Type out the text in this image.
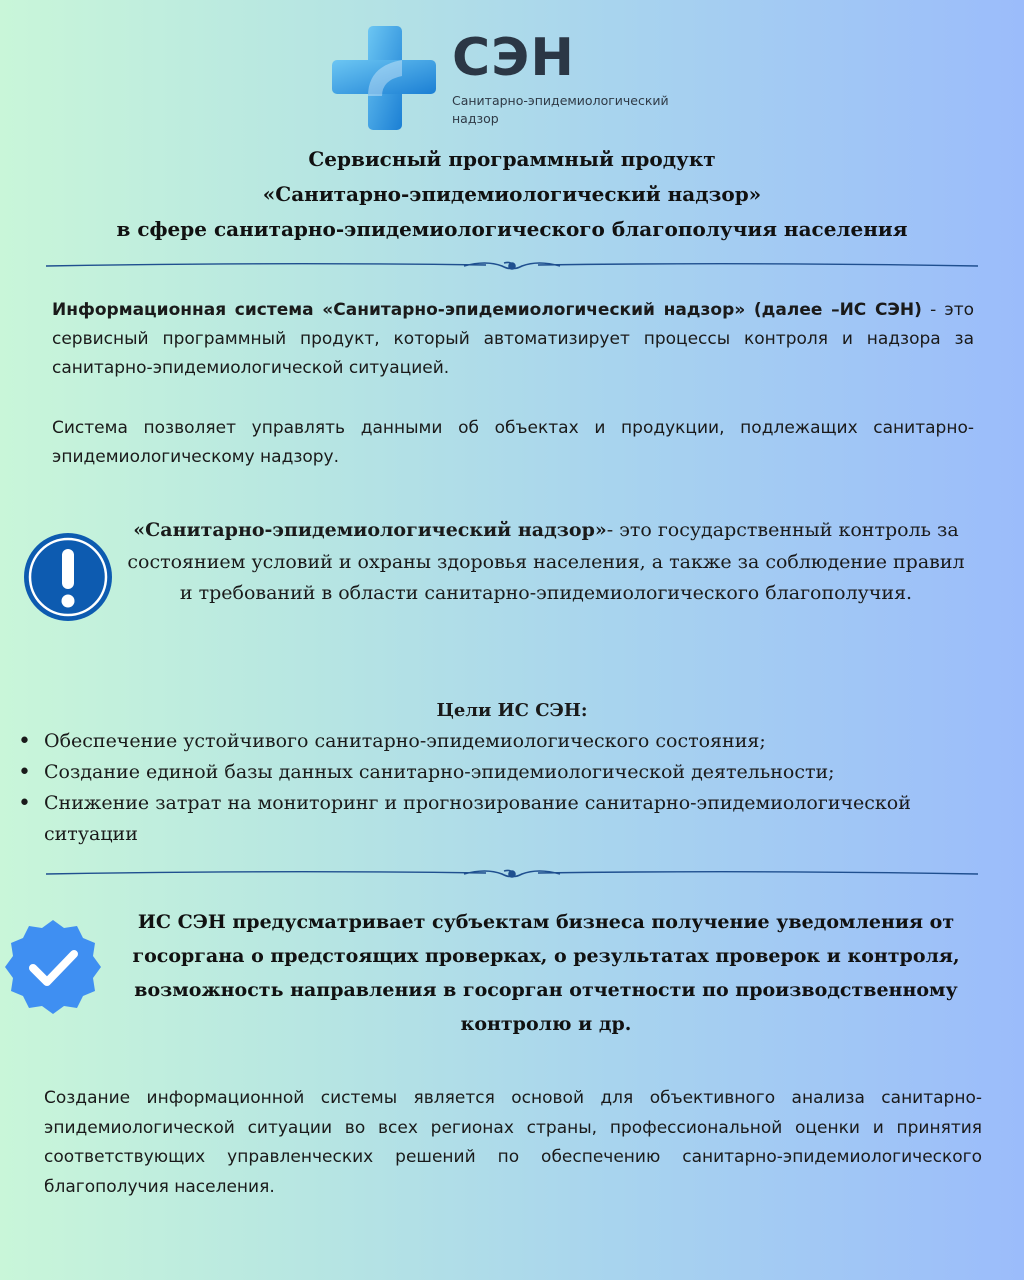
СЭН
Санитарно-эпидемиологический надзор
Сервисный программный продукт
«Санитарно-эпидемиологический надзор»
в сфере санитарно-эпидемиологического благополучия населения

Информационная система «Санитарно-эпидемиологический надзор» (далее –ИС СЭН) - это сервисный программный продукт, который автоматизирует процессы контроля и надзора за санитарно-эпидемиологической ситуацией.

Система позволяет управлять данными об объектах и продукции, подлежащих санитарно-эпидемиологическому надзору.

«Санитарно-эпидемиологический надзор»- это государственный контроль за состоянием условий и охраны здоровья населения, а также за соблюдение правил и требований в области санитарно-эпидемиологического благополучия.

Цели ИС СЭН:
• Обеспечение устойчивого санитарно-эпидемиологического состояния;
• Создание единой базы данных санитарно-эпидемиологической деятельности;
• Снижение затрат на мониторинг и прогнозирование санитарно-эпидемиологической ситуации

ИС СЭН предусматривает субъектам бизнеса получение уведомления от госоргана о предстоящих проверках, о результатах проверок и контроля, возможность направления в госорган отчетности по производственному контролю и др.

Создание информационной системы является основой для объективного анализа санитарно-эпидемиологической ситуации во всех регионах страны, профессиональной оценки и принятия соответствующих управленческих решений по обеспечению санитарно-эпидемиологического благополучия населения.
